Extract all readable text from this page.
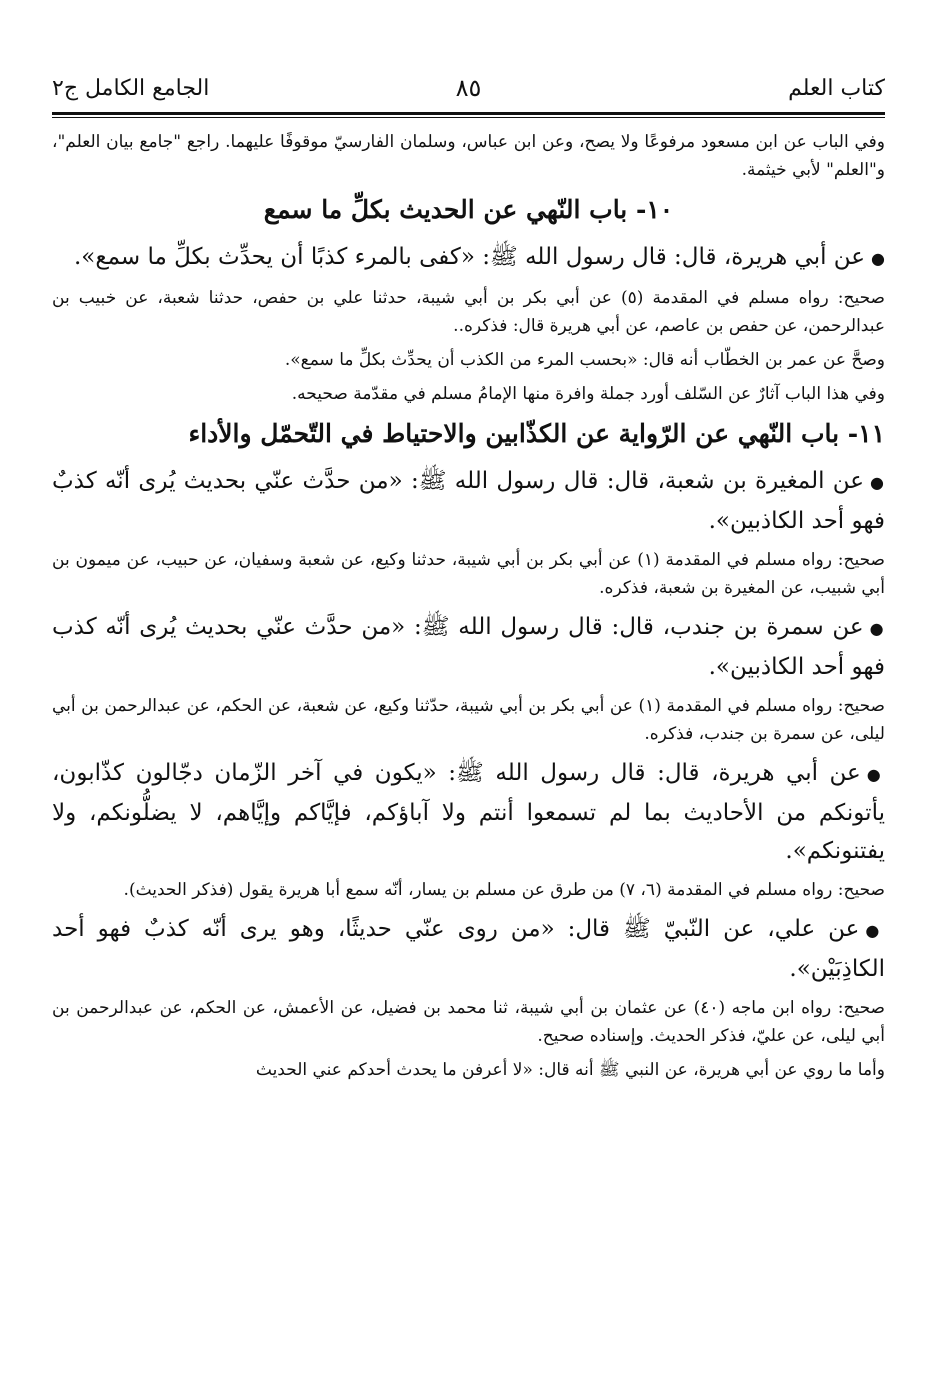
كتاب العلم
٨٥
الجامع الكامل ج٢

وفي الباب عن ابن مسعود مرفوعًا ولا يصح، وعن ابن عباس، وسلمان الفارسيّ موقوفًا عليهما. راجع "جامع بيان العلم"، و"العلم" لأبي خيثمة.

١٠- باب النّهي عن الحديث بكلِّ ما سمع

●عن أبي هريرة، قال: قال رسول الله ﷺ: «كفى بالمرء كذبًا أن يحدِّث بكلِّ ما سمع».

صحيح: رواه مسلم في المقدمة (٥) عن أبي بكر بن أبي شيبة، حدثنا علي بن حفص، حدثنا شعبة، عن خبيب بن عبدالرحمن، عن حفص بن عاصم، عن أبي هريرة قال: فذكره..

وصحَّ عن عمر بن الخطّاب أنه قال: «بحسب المرء من الكذب أن يحدِّث بكلِّ ما سمع».

وفي هذا الباب آثارٌ عن السّلف أورد جملة وافرة منها الإمامُ مسلم في مقدّمة صحيحه.

١١- باب النّهي عن الرّواية عن الكذّابين والاحتياط في التّحمّل والأداء

●عن المغيرة بن شعبة، قال: قال رسول الله ﷺ: «من حدَّث عنّي بحديث يُرى أنّه كذبٌ فهو أحد الكاذبين».

صحيح: رواه مسلم في المقدمة (١) عن أبي بكر بن أبي شيبة، حدثنا وكيع، عن شعبة وسفيان، عن حبيب، عن ميمون بن أبي شبيب، عن المغيرة بن شعبة، فذكره.

●عن سمرة بن جندب، قال: قال رسول الله ﷺ: «من حدَّث عنّي بحديث يُرى أنّه كذب فهو أحد الكاذبين».

صحيح: رواه مسلم في المقدمة (١) عن أبي بكر بن أبي شيبة، حدّثنا وكيع، عن شعبة، عن الحكم، عن عبدالرحمن بن أبي ليلى، عن سمرة بن جندب، فذكره.

●عن أبي هريرة، قال: قال رسول الله ﷺ: «يكون في آخر الزّمان دجّالون كذّابون، يأتونكم من الأحاديث بما لم تسمعوا أنتم ولا آباؤكم، فإيَّاكم وإيَّاهم، لا يضلُّونكم، ولا يفتنونكم».

صحيح: رواه مسلم في المقدمة (٦، ٧) من طرق عن مسلم بن يسار، أنّه سمع أبا هريرة يقول (فذكر الحديث).

●عن علي، عن النّبيّ ﷺ قال: «من روى عنّي حديثًا، وهو يرى أنّه كذبٌ فهو أحد الكاذِبَيْن».

صحيح: رواه ابن ماجه (٤٠) عن عثمان بن أبي شيبة، ثنا محمد بن فضيل، عن الأعمش، عن الحكم، عن عبدالرحمن بن أبي ليلى، عن عليّ، فذكر الحديث. وإسناده صحيح.

وأما ما روي عن أبي هريرة، عن النبي ﷺ أنه قال: «لا أعرفن ما يحدث أحدكم عني الحديث
